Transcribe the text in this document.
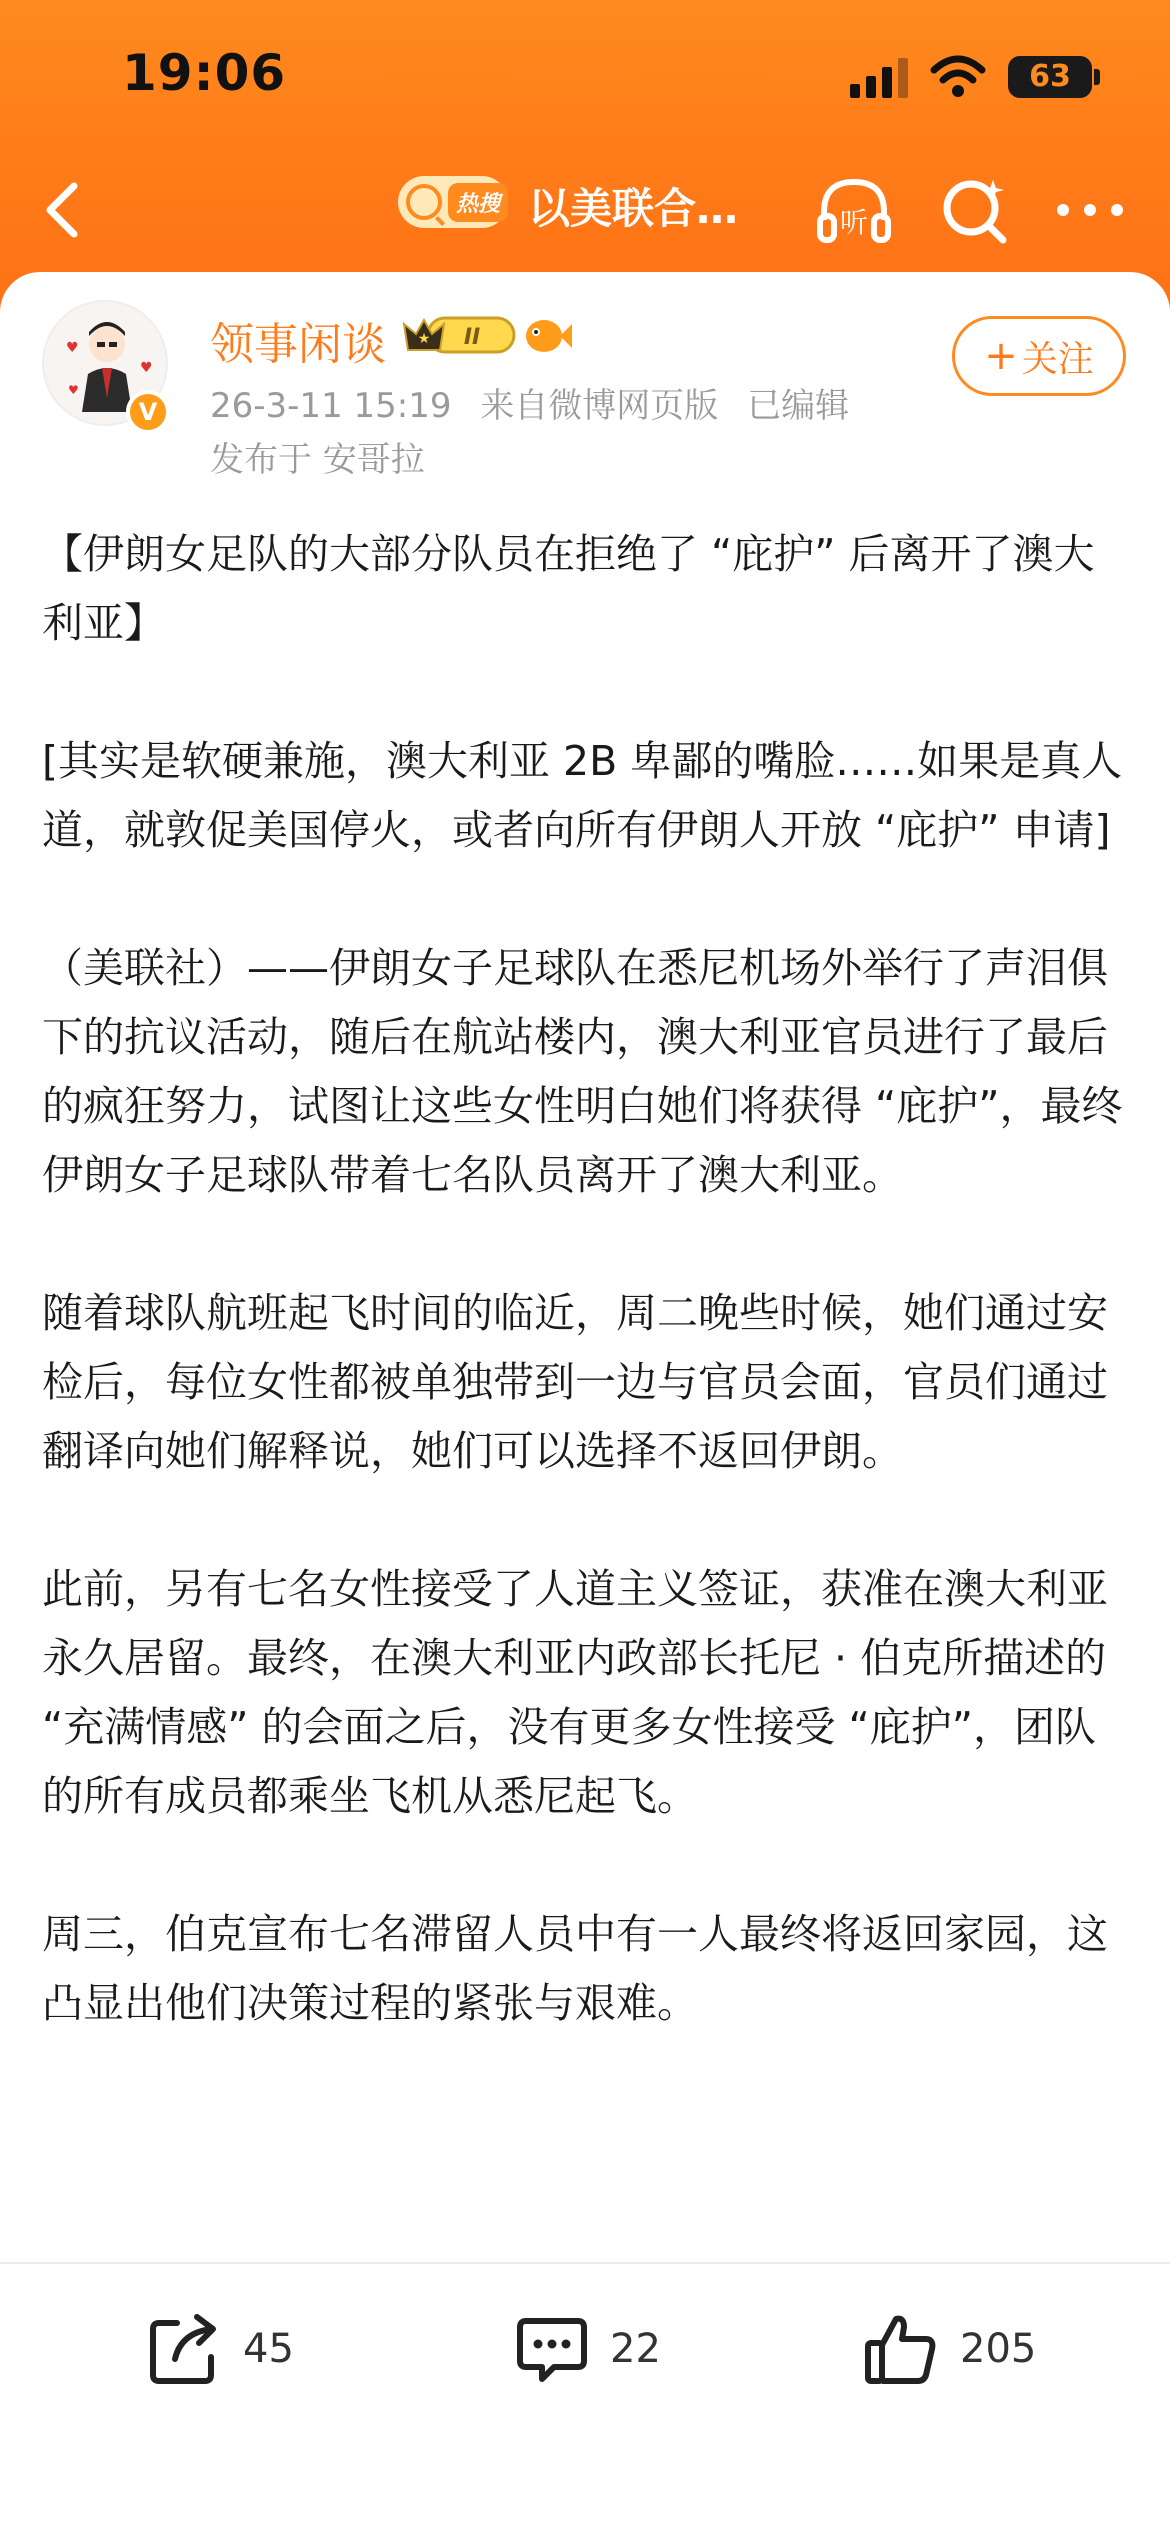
19:06	63
热搜 以美联合…	听
♥
♥
♥
V
领事闲谈 ★ II
26-3-11 15:19 来自微博网页版 已编辑
发布于 安哥拉
+ 关注

【伊朗女足队的大部分队员在拒绝了 “庇护” 后离开了澳大利亚】

[其实是软硬兼施，澳大利亚 2B 卑鄙的嘴脸……如果是真人道，就敦促美国停火，或者向所有伊朗人开放 “庇护” 申请]

（美联社）——伊朗女子足球队在悉尼机场外举行了声泪俱下的抗议活动，随后在航站楼内，澳大利亚官员进行了最后的疯狂努力，试图让这些女性明白她们将获得 “庇护”，最终伊朗女子足球队带着七名队员离开了澳大利亚。

随着球队航班起飞时间的临近，周二晚些时候，她们通过安检后，每位女性都被单独带到一边与官员会面，官员们通过翻译向她们解释说，她们可以选择不返回伊朗。

此前，另有七名女性接受了人道主义签证，获准在澳大利亚永久居留。最终，在澳大利亚内政部长托尼 · 伯克所描述的 “充满情感” 的会面之后，没有更多女性接受 “庇护”，团队的所有成员都乘坐飞机从悉尼起飞。

周三，伯克宣布七名滞留人员中有一人最终将返回家园，这凸显出他们决策过程的紧张与艰难。

45	22	205
